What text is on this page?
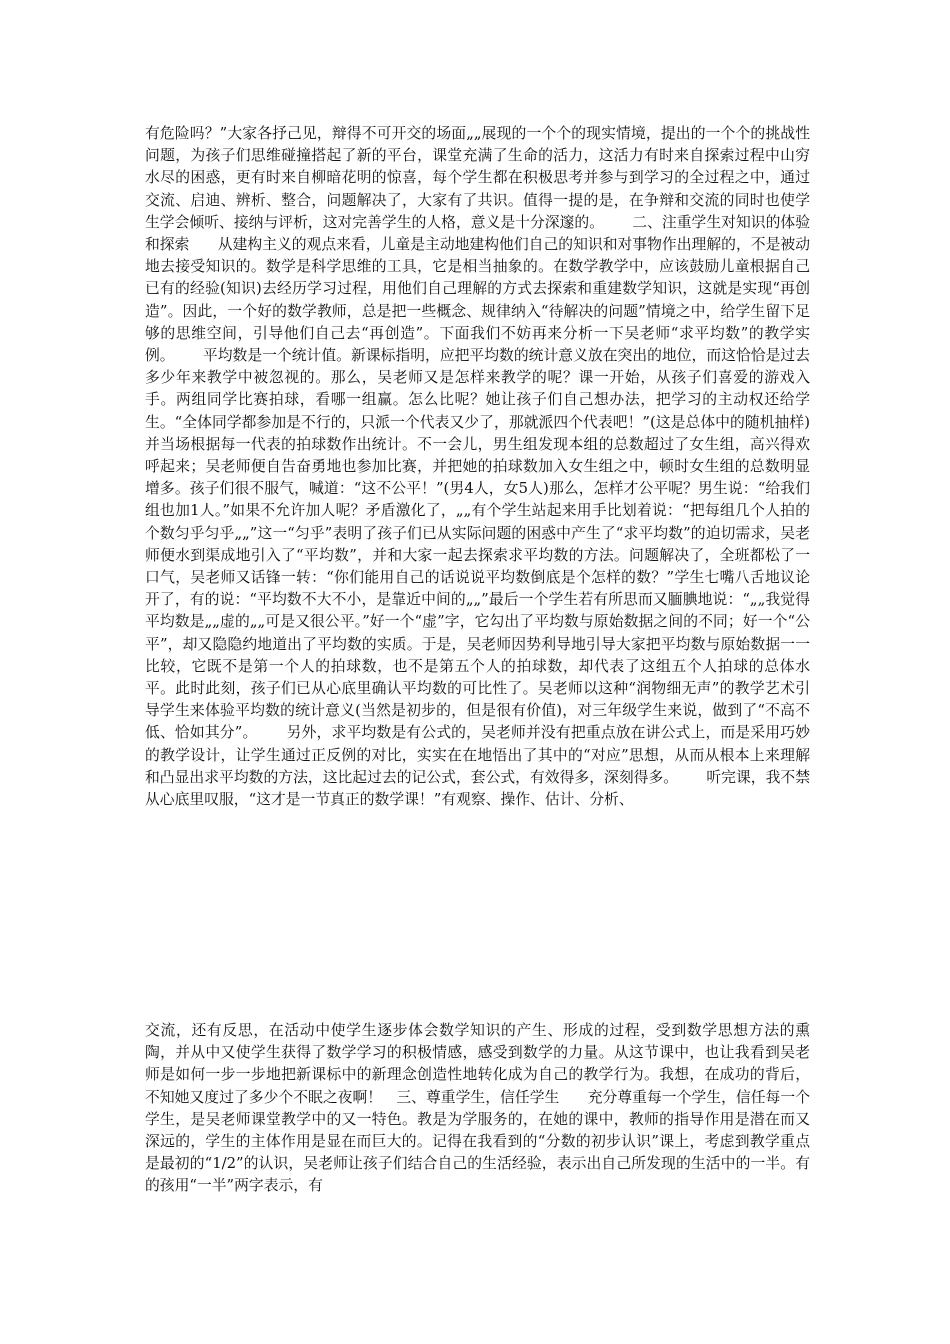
有危险吗？”大家各抒己见，辩得不可开交的场面„„展现的一个个的现实情境，提出的一个个的挑战性问题，为孩子们思维碰撞搭起了新的平台，课堂充满了生命的活力，这活力有时来自探索过程中山穷水尽的困惑，更有时来自柳暗花明的惊喜，每个学生都在积极思考并参与到学习的全过程之中，通过交流、启迪、辨析、整合，问题解决了，大家有了共识。值得一提的是，在争辩和交流的同时也使学生学会倾听、接纳与评析，这对完善学生的人格，意义是十分深邃的。      二、注重学生对知识的体验和探索      从建构主义的观点来看，儿童是主动地建构他们自己的知识和对事物作出理解的，不是被动地去接受知识的。数学是科学思维的工具，它是相当抽象的。在数学教学中，应该鼓励儿童根据自己已有的经验(知识)去经历学习过程，用他们自己理解的方式去探索和重建数学知识，这就是实现“再创造”。因此，一个好的数学教师，总是把一些概念、规律纳入“待解决的问题”情境之中，给学生留下足够的思维空间，引导他们自己去“再创造”。下面我们不妨再来分析一下吴老师“求平均数”的教学实例。      平均数是一个统计值。新课标指明，应把平均数的统计意义放在突出的地位，而这恰恰是过去多少年来教学中被忽视的。那么，吴老师又是怎样来教学的呢？课一开始，从孩子们喜爱的游戏入手。两组同学比赛拍球，看哪一组赢。怎么比呢？她让孩子们自己想办法，把学习的主动权还给学生。“全体同学都参加是不行的，只派一个代表又少了，那就派四个代表吧！”(这是总体中的随机抽样)并当场根据每一代表的拍球数作出统计。不一会儿，男生组发现本组的总数超过了女生组，高兴得欢呼起来；吴老师便自告奋勇地也参加比赛，并把她的拍球数加入女生组之中，顿时女生组的总数明显增多。孩子们很不服气，喊道：“这不公平！”(男4人，女5人)那么，怎样才公平呢？男生说：“给我们组也加1人。”如果不允许加人呢？矛盾激化了，„„有个学生站起来用手比划着说：“把每组几个人拍的个数匀乎匀乎„„”这一“匀乎”表明了孩子们已从实际问题的困惑中产生了“求平均数”的迫切需求，吴老师便水到渠成地引入了“平均数”，并和大家一起去探索求平均数的方法。问题解决了，全班都松了一口气，吴老师又话锋一转：“你们能用自己的话说说平均数倒底是个怎样的数？”学生七嘴八舌地议论开了，有的说：“平均数不大不小，是靠近中间的„„”最后一个学生若有所思而又腼腆地说：“„„我觉得平均数是„„虚的„„可是又很公平。”好一个“虚”字，它勾出了平均数与原始数据之间的不同；好一个“公平”，却又隐隐约地道出了平均数的实质。于是，吴老师因势利导地引导大家把平均数与原始数据一一比较，它既不是第一个人的拍球数，也不是第五个人的拍球数，却代表了这组五个人拍球的总体水平。此时此刻，孩子们已从心底里确认平均数的可比性了。吴老师以这种“润物细无声”的教学艺术引导学生来体验平均数的统计意义(当然是初步的，但是很有价值)，对三年级学生来说，做到了“不高不低、恰如其分”。      另外，求平均数是有公式的，吴老师并没有把重点放在讲公式上，而是采用巧妙的教学设计，让学生通过正反例的对比，实实在在地悟出了其中的“对应”思想，从而从根本上来理解和凸显出求平均数的方法，这比起过去的记公式，套公式，有效得多，深刻得多。      听完课，我不禁从心底里叹服，“这才是一节真正的数学课！”有观察、操作、估计、分析、

交流，还有反思，在活动中使学生逐步体会数学知识的产生、形成的过程，受到数学思想方法的熏陶，并从中又使学生获得了数学学习的积极情感，感受到数学的力量。从这节课中，也让我看到吴老师是如何一步一步地把新课标中的新理念创造性地转化成为自己的教学行为。我想，在成功的背后，不知她又度过了多少个不眠之夜啊！   三、尊重学生，信任学生      充分尊重每一个学生，信任每一个学生，是吴老师课堂教学中的又一特色。教是为学服务的，在她的课中，教师的指导作用是潜在而又深远的，学生的主体作用是显在而巨大的。记得在我看到的“分数的初步认识”课上，考虑到教学重点是最初的“1/2”的认识，吴老师让孩子们结合自己的生活经验，表示出自己所发现的生活中的一半。有的孩用“一半”两字表示，有
